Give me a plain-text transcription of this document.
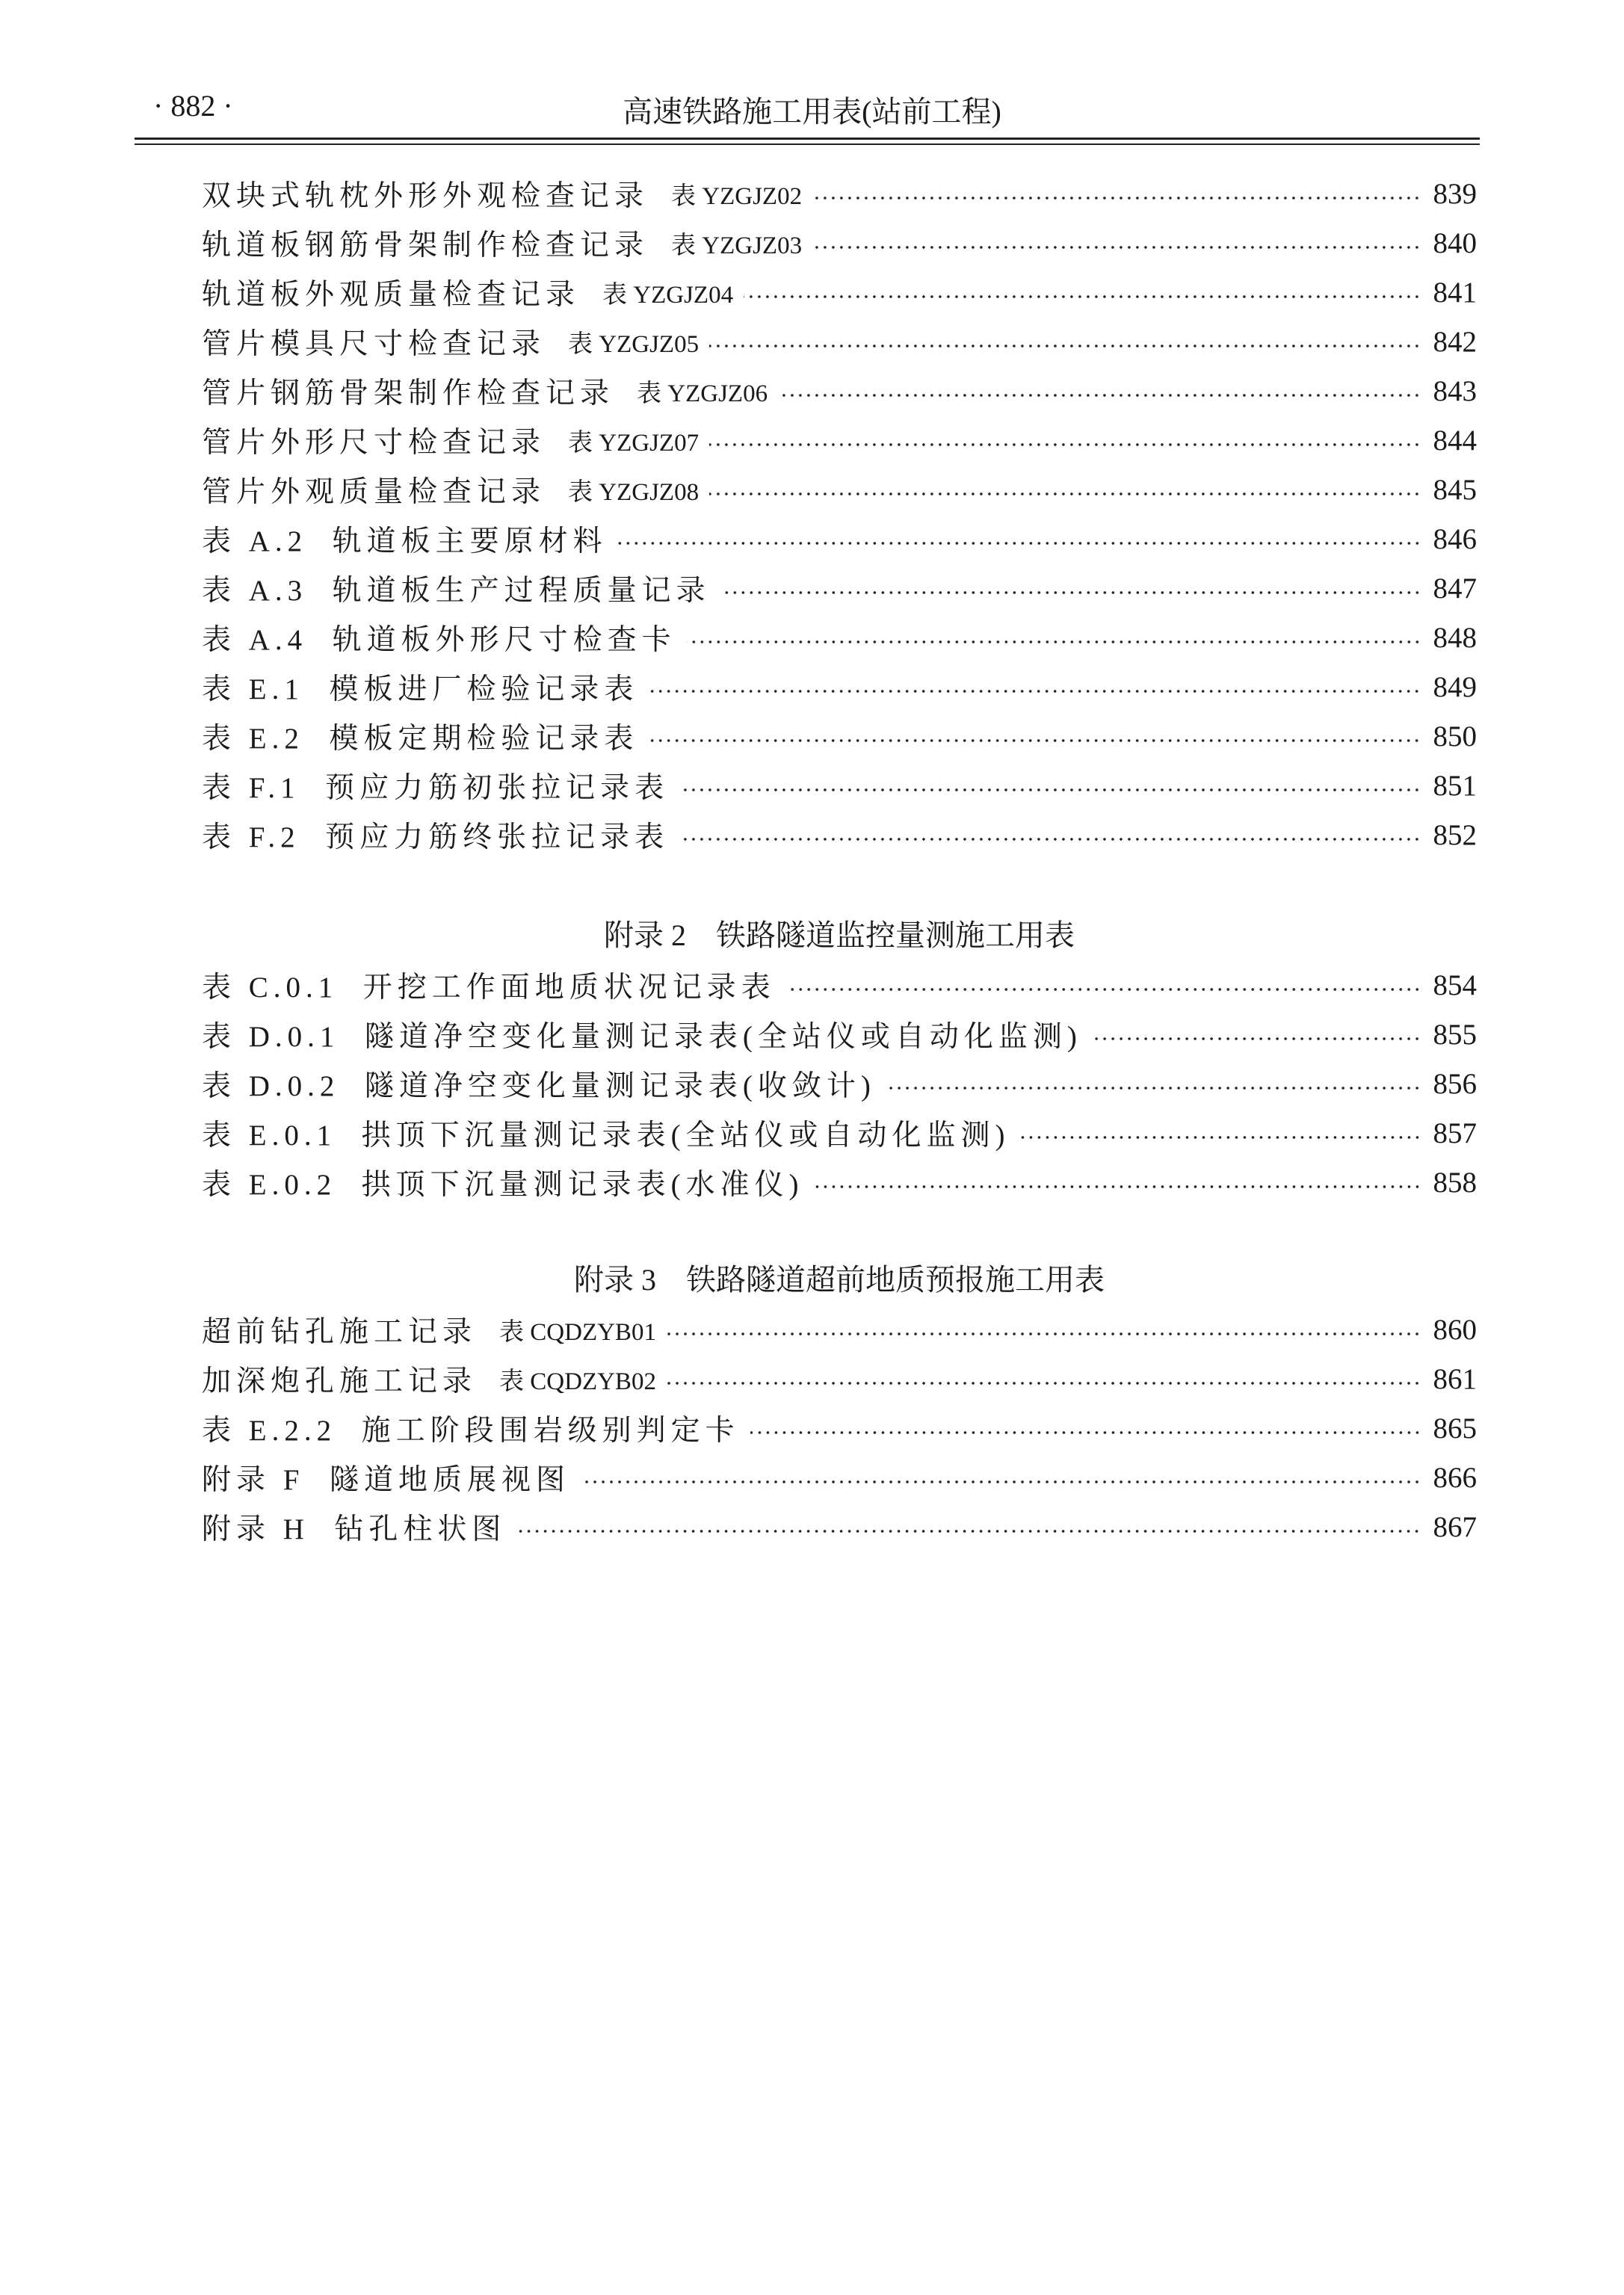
· 882 ·	高速铁路施工用表(站前工程)
双块式轨枕外形外观检查记录 表 YZGJZ02	839
轨道板钢筋骨架制作检查记录 表 YZGJZ03	840
轨道板外观质量检查记录 表 YZGJZ04	841
管片模具尺寸检查记录 表 YZGJZ05	842
管片钢筋骨架制作检查记录 表 YZGJZ06	843
管片外形尺寸检查记录 表 YZGJZ07	844
管片外观质量检查记录 表 YZGJZ08	845
表 A.2  轨道板主要原材料	846
表 A.3  轨道板生产过程质量记录	847
表 A.4  轨道板外形尺寸检查卡	848
表 E.1  模板进厂检验记录表	849
表 E.2  模板定期检验记录表	850
表 F.1  预应力筋初张拉记录表	851
表 F.2  预应力筋终张拉记录表	852
附录 2    铁路隧道监控量测施工用表
表 C.0.1  开挖工作面地质状况记录表	854
表 D.0.1  隧道净空变化量测记录表(全站仪或自动化监测)	855
表 D.0.2  隧道净空变化量测记录表(收敛计)	856
表 E.0.1  拱顶下沉量测记录表(全站仪或自动化监测)	857
表 E.0.2  拱顶下沉量测记录表(水准仪)	858
附录 3    铁路隧道超前地质预报施工用表
超前钻孔施工记录 表 CQDZYB01	860
加深炮孔施工记录 表 CQDZYB02	861
表 E.2.2  施工阶段围岩级别判定卡	865
附录 F  隧道地质展视图	866
附录 H  钻孔柱状图	867
